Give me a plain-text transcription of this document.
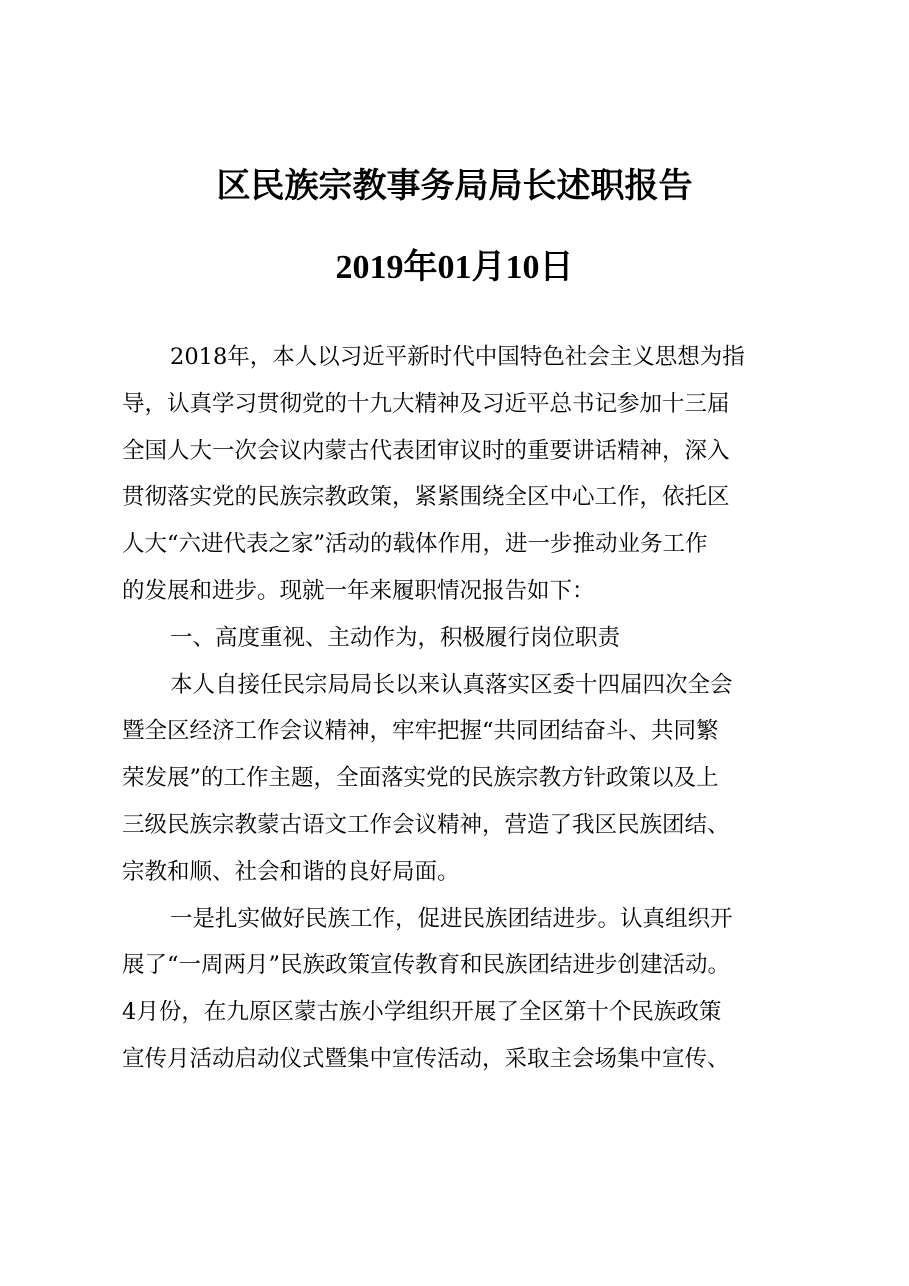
区民族宗教事务局局长述职报告
2019年01月10日
2018年，本人以习近平新时代中国特色社会主义思想为指
导，认真学习贯彻党的十九大精神及习近平总书记参加十三届
全国人大一次会议内蒙古代表团审议时的重要讲话精神，深入
贯彻落实党的民族宗教政策，紧紧围绕全区中心工作，依托区
人大“六进代表之家”活动的载体作用，进一步推动业务工作
的发展和进步。现就一年来履职情况报告如下：
一、高度重视、主动作为，积极履行岗位职责
本人自接任民宗局局长以来认真落实区委十四届四次全会
暨全区经济工作会议精神，牢牢把握“共同团结奋斗、共同繁
荣发展”的工作主题，全面落实党的民族宗教方针政策以及上
三级民族宗教蒙古语文工作会议精神，营造了我区民族团结、
宗教和顺、社会和谐的良好局面。
一是扎实做好民族工作，促进民族团结进步。认真组织开
展了“一周两月”民族政策宣传教育和民族团结进步创建活动。
4月份，在九原区蒙古族小学组织开展了全区第十个民族政策
宣传月活动启动仪式暨集中宣传活动，采取主会场集中宣传、
